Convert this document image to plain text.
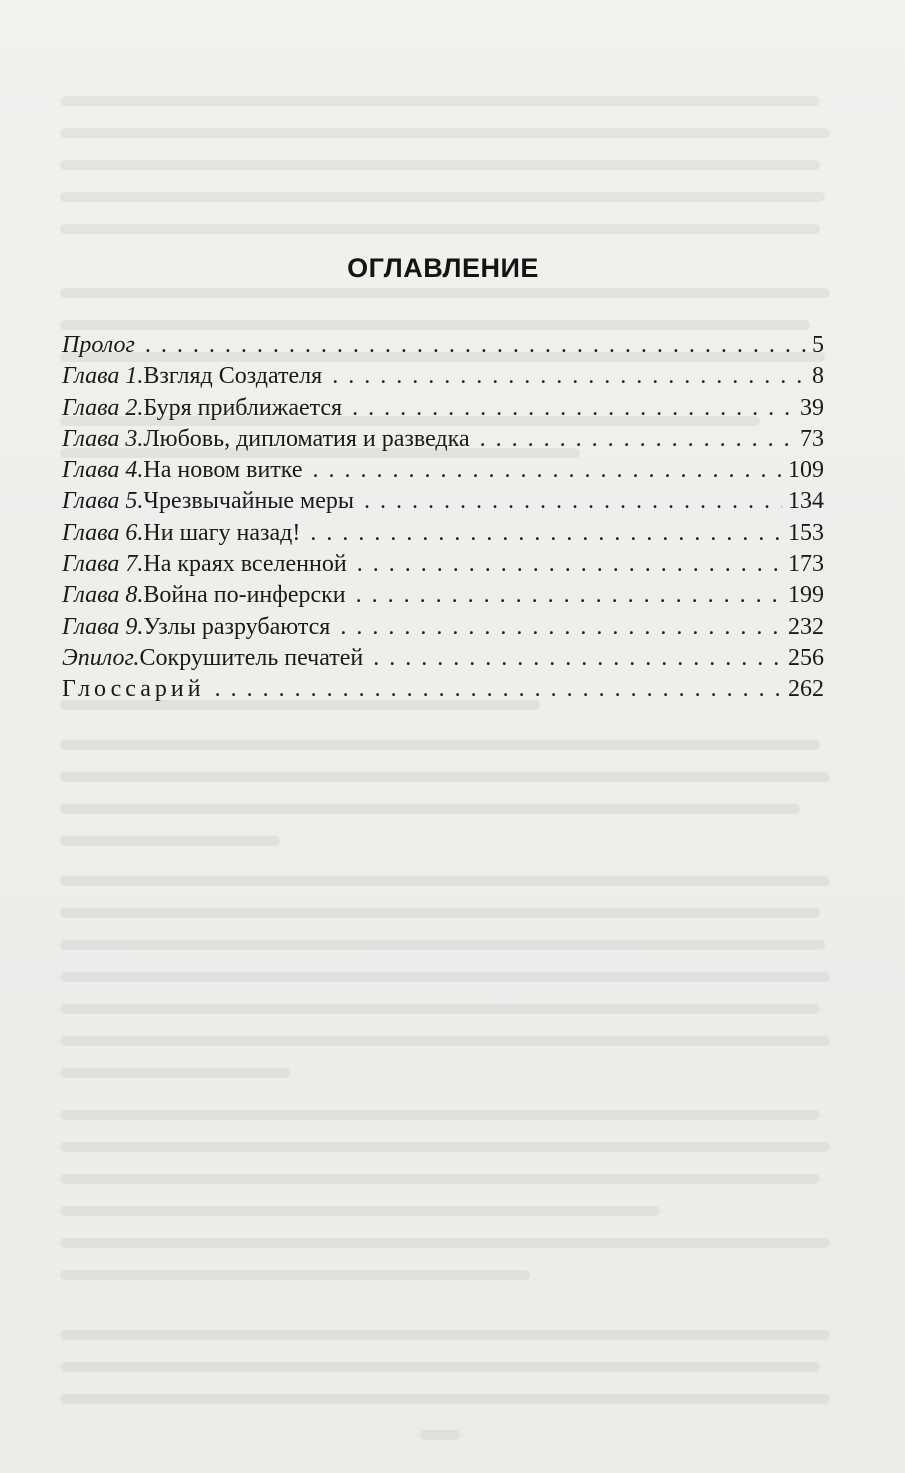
ОГЛАВЛЕНИЕ
Пролог . . .	5
Глава 1. Взгляд Создателя . . .	8
Глава 2. Буря приближается . . .	39
Глава 3. Любовь, дипломатия и разведка . . .	73
Глава 4. На новом витке . . .	109
Глава 5. Чрезвычайные меры . . .	134
Глава 6. Ни шагу назад! . . .	153
Глава 7. На краях вселенной . . .	173
Глава 8. Война по-инферски . . .	199
Глава 9. Узлы разрубаются . . .	232
Эпилог. Сокрушитель печатей . . .	256
Глоссарий . . .	262
